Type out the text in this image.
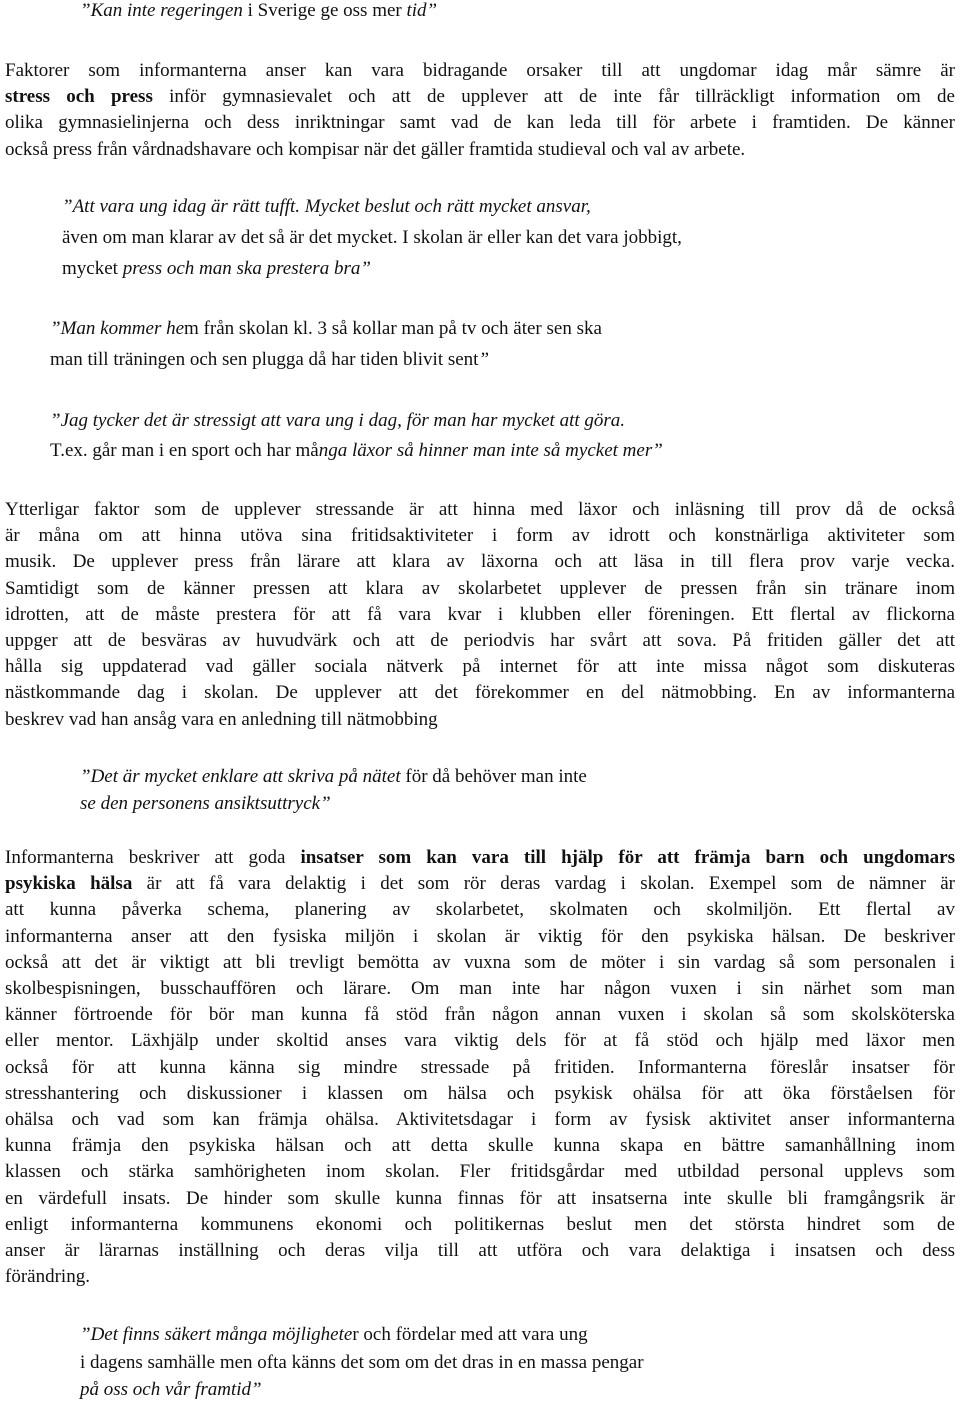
”Kan inte regeringen i Sverige ge oss mer tid”

Faktorer som informanterna anser kan vara bidragande orsaker till att ungdomar idag mår sämre är

stress och press inför gymnasievalet och att de upplever att de inte får tillräckligt information om de

olika gymnasielinjerna och dess inriktningar samt vad de kan leda till för arbete i framtiden. De känner

också press från vårdnadshavare och kompisar när det gäller framtida studieval och val av arbete.

”Att vara ung idag är rätt tufft. Mycket beslut och rätt mycket ansvar,

även om man klarar av det så är det mycket. I skolan är eller kan det vara jobbigt,

mycket press och man ska prestera bra”

”Man kommer hem från skolan kl. 3 så kollar man på tv och äter sen ska

man till träningen och sen plugga då har tiden blivit sent”

”Jag tycker det är stressigt att vara ung i dag, för man har mycket att göra.

T.ex. går man i en sport och har många läxor så hinner man inte så mycket mer”

Ytterligar faktor som de upplever stressande är att hinna med läxor och inläsning till prov då de också

är måna om att hinna utöva sina fritidsaktiviteter i form av idrott och konstnärliga aktiviteter som

musik. De upplever press från lärare att klara av läxorna och att läsa in till flera prov varje vecka.

Samtidigt som de känner pressen att klara av skolarbetet upplever de pressen från sin tränare inom

idrotten, att de måste prestera för att få vara kvar i klubben eller föreningen. Ett flertal av flickorna

uppger att de besväras av huvudvärk och att de periodvis har svårt att sova. På fritiden gäller det att

hålla sig uppdaterad vad gäller sociala nätverk på internet för att inte missa något som diskuteras

nästkommande dag i skolan. De upplever att det förekommer en del nätmobbing. En av informanterna

beskrev vad han ansåg vara en anledning till nätmobbing

”Det är mycket enklare att skriva på nätet för då behöver man inte

se den personens ansiktsuttryck”

Informanterna beskriver att goda insatser som kan vara till hjälp för att främja barn och ungdomars

psykiska hälsa är att få vara delaktig i det som rör deras vardag i skolan. Exempel som de nämner är

att kunna påverka schema, planering av skolarbetet, skolmaten och skolmiljön. Ett flertal av

informanterna anser att den fysiska miljön i skolan är viktig för den psykiska hälsan. De beskriver

också att det är viktigt att bli trevligt bemötta av vuxna som de möter i sin vardag så som personalen i

skolbespisningen, busschauffören och lärare. Om man inte har någon vuxen i sin närhet som man

känner förtroende för bör man kunna få stöd från någon annan vuxen i skolan så som skolsköterska

eller mentor. Läxhjälp under skoltid anses vara viktig dels för at få stöd och hjälp med läxor men

också för att kunna känna sig mindre stressade på fritiden. Informanterna föreslår insatser för

stresshantering och diskussioner i klassen om hälsa och psykisk ohälsa för att öka förståelsen för

ohälsa och vad som kan främja ohälsa. Aktivitetsdagar i form av fysisk aktivitet anser informanterna

kunna främja den psykiska hälsan och att detta skulle kunna skapa en bättre samanhållning inom

klassen och stärka samhörigheten inom skolan. Fler fritidsgårdar med utbildad personal upplevs som

en värdefull insats. De hinder som skulle kunna finnas för att insatserna inte skulle bli framgångsrik är

enligt informanterna kommunens ekonomi och politikernas beslut men det största hindret som de

anser är lärarnas inställning och deras vilja till att utföra och vara delaktiga i insatsen och dess

förändring.

”Det finns säkert många möjligheter och fördelar med att vara ung

i dagens samhälle men ofta känns det som om det dras in en massa pengar

på oss och vår framtid”
